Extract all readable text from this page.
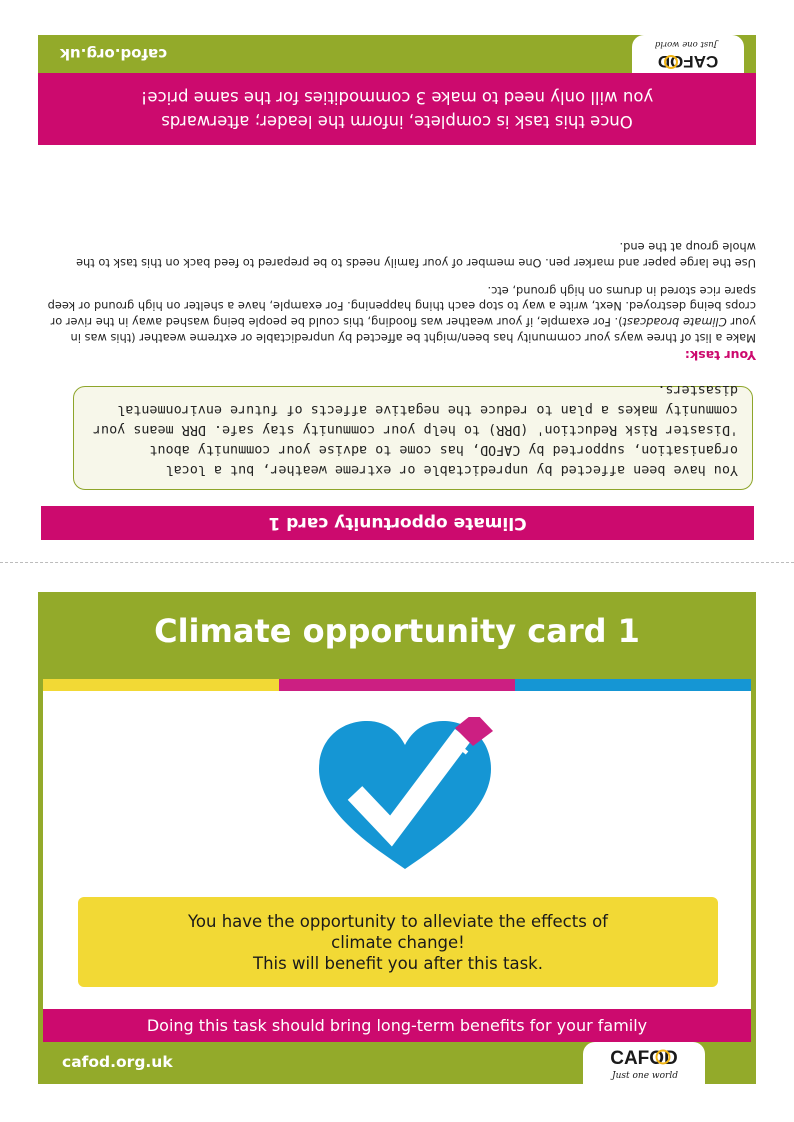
Climate opportunity card 1
You have been affected by unpredictable or extreme weather, but a local organisation, supported by CAFOD, has come to advise your community about 'Disaster Risk Reduction' (DRR) to help your community stay safe. DRR means your community makes a plan to reduce the negative affects of future environmental disasters.
Your task:

Make a list of three ways your community has been/might be affected by unpredictable or extreme weather (this was in your Climate broadcast). For example, if your weather was flooding, this could be people being washed away in the river or crops being destroyed. Next, write a way to stop each thing happening. For example, have a shelter on high ground or keep spare rice stored in drums on high ground, etc.

Use the large paper and marker pen. One member of your family needs to be prepared to feed back on this task to the whole group at the end.

Once this task is complete, inform the leader; afterwards
you will only need to make 3 commodities for the same price!
CAFOD
Just one world
cafod.org.uk
Climate opportunity card 1
You have the opportunity to alleviate the effects of
climate change!
This will benefit you after this task.
Doing this task should bring long-term benefits for your family
cafod.org.uk	CAFOD
Just one world
